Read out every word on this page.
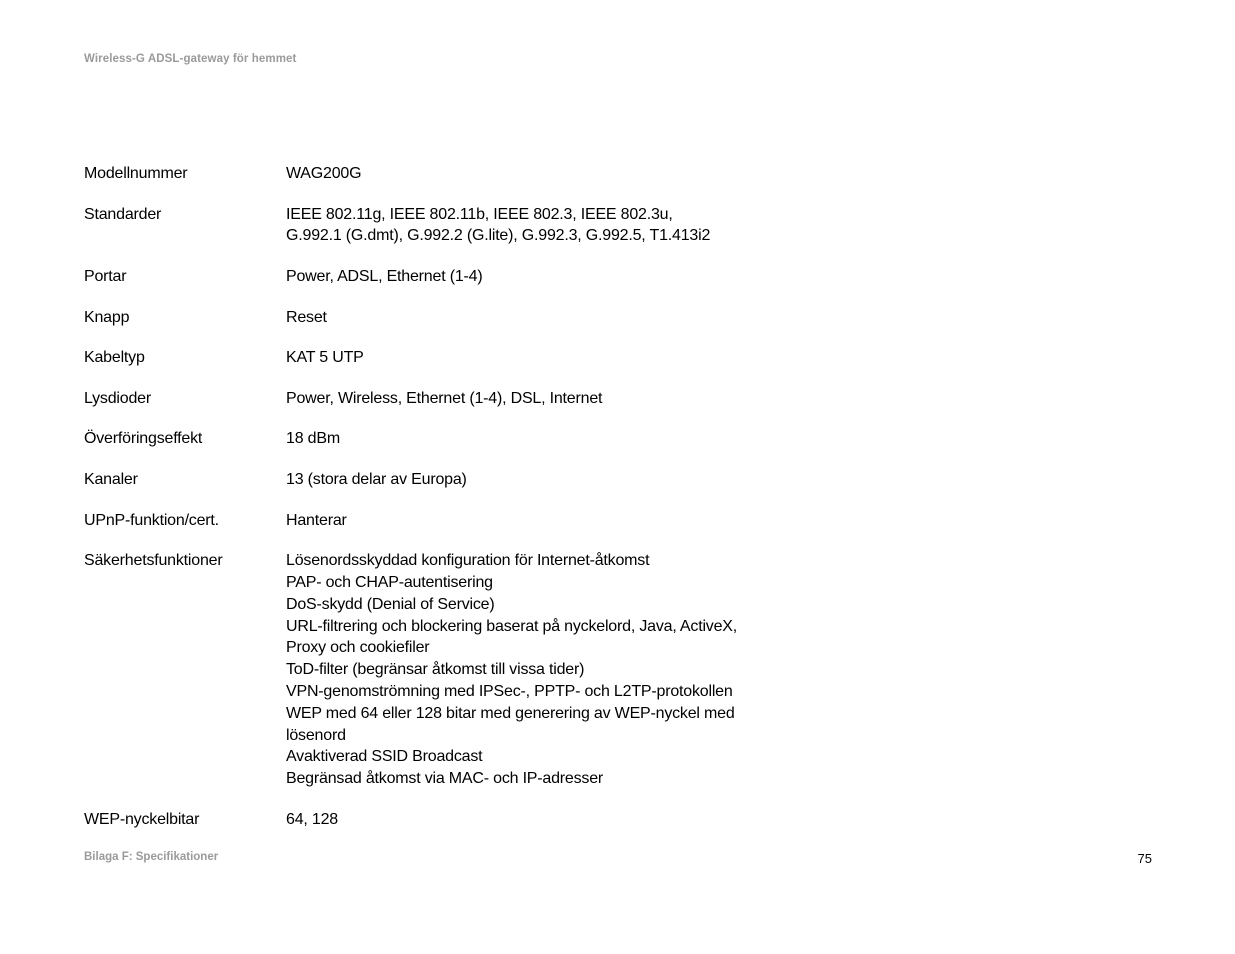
Wireless-G ADSL-gateway för hemmet
Modellnummer	WAG200G
Standarder	IEEE 802.11g, IEEE 802.11b, IEEE 802.3, IEEE 802.3u,
G.992.1 (G.dmt), G.992.2 (G.lite), G.992.3, G.992.5, T1.413i2
Portar	Power, ADSL, Ethernet (1-4)
Knapp	Reset
Kabeltyp	KAT 5 UTP
Lysdioder	Power, Wireless, Ethernet (1-4), DSL, Internet
Överföringseffekt	18 dBm
Kanaler	13 (stora delar av Europa)
UPnP-funktion/cert.	Hanterar
Säkerhetsfunktioner	Lösenordsskyddad konfiguration för Internet-åtkomst
PAP- och CHAP-autentisering
DoS-skydd (Denial of Service)
URL-filtrering och blockering baserat på nyckelord, Java, ActiveX,
Proxy och cookiefiler
ToD-filter (begränsar åtkomst till vissa tider)
VPN-genomströmning med IPSec-, PPTP- och L2TP-protokollen
WEP med 64 eller 128 bitar med generering av WEP-nyckel med
lösenord
Avaktiverad SSID Broadcast
Begränsad åtkomst via MAC- och IP-adresser
WEP-nyckelbitar	64, 128
Bilaga F: Specifikationer	75
